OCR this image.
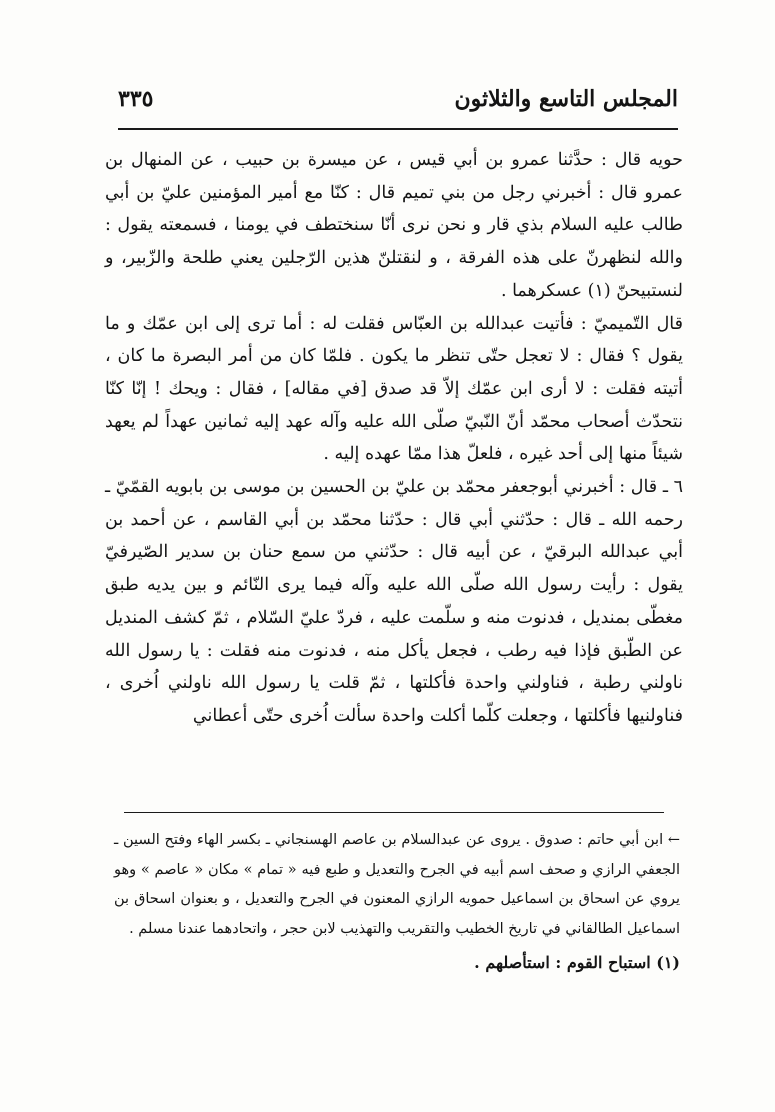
المجلس التاسع والثلاثون
٣٣٥

حويه قال : حدَّثنا عمرو بن أبي قيس ، عن ميسرة بن حبيب ، عن المنهال بن عمرو قال : أخبرني رجل من بني تميم قال : كنّا مع أمير المؤمنين عليّ بن أبي طالب عليه السلام بذي قار و نحن نرى أنّا سنختطف في يومنا ، فسمعته يقول : والله لنظهرنّ على هذه الفرقة ، و لنقتلنّ هذين الرّجلين يعني طلحة والزّبير، و لنستبيحنّ (١) عسكرهما .

قال التّميميّ : فأتيت عبدالله بن العبّاس فقلت له : أما ترى إلى ابن عمّك و ما يقول ؟ فقال : لا تعجل حتّى تنظر ما يكون . فلمّا كان من أمر البصرة ما كان ، أتيته فقلت : لا أرى ابن عمّك إلاّ قد صدق [في مقاله] ، فقال : ويحك ! إنّا كنّا نتحدّث أصحاب محمّد أنّ النّبيّ صلّى الله عليه وآله عهد إليه ثمانين عهداً لم يعهد شيئاً منها إلى أحد غيره ، فلعلّ هذا ممّا عهده إليه .

٦ ـ قال : أخبرني أبوجعفر محمّد بن عليّ بن الحسين بن موسى بن بابويه القمّيّ ـ رحمه الله ـ قال : حدّثني أبي قال : حدّثنا محمّد بن أبي القاسم ، عن أحمد بن أبي عبدالله البرقيّ ، عن أبيه قال : حدّثني من سمع حنان بن سدير الصّيرفيّ يقول : رأيت رسول الله صلّى الله عليه وآله فيما يرى النّائم و بين يديه طبق مغطّى بمنديل ، فدنوت منه و سلّمت عليه ، فردّ عليّ السّلام ، ثمّ كشف المنديل عن الطّبق فإذا فيه رطب ، فجعل يأكل منه ، فدنوت منه فقلت : يا رسول الله ناولني رطبة ، فناولني واحدة فأكلتها ، ثمّ قلت يا رسول الله ناولني اُخرى ، فناولنيها فأكلتها ، وجعلت كلّما أكلت واحدة سألت اُخرى حتّى أعطاني

← ابن أبي حاتم : صدوق . يروى عن عبدالسلام بن عاصم الهسنجاني ـ بكسر الهاء وفتح السين ـ الجعفي الرازي و صحف اسم أبيه في الجرح والتعديل و طبع فيه « تمام » مكان « عاصم » وهو يروي عن اسحاق بن اسماعيل حمويه الرازي المعنون في الجرح والتعديل ، و بعنوان اسحاق بن اسماعيل الطالقاني في تاريخ الخطيب والتقريب والتهذيب لابن حجر ، واتحادهما عندنا مسلم .

(١) استباح القوم : استأصلهم .
